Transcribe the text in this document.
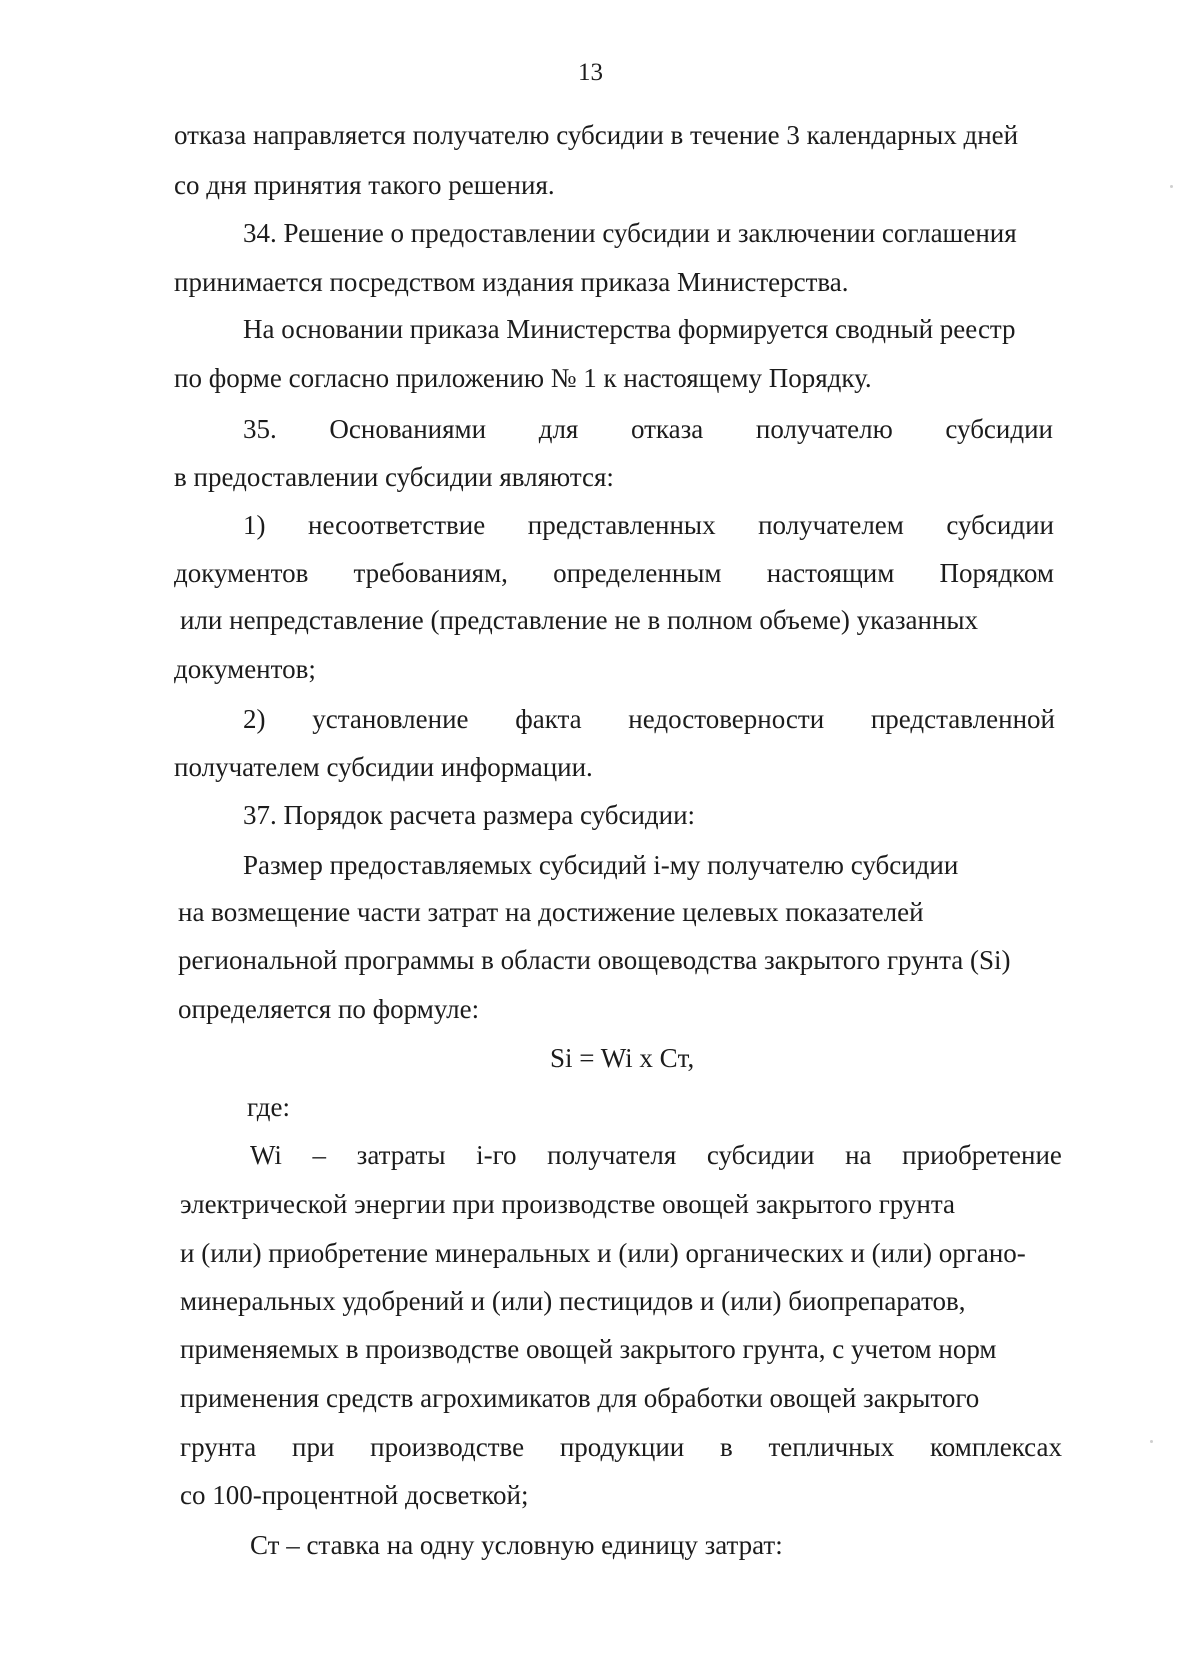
13
отказа направляется получателю субсидии в течение 3 календарных дней
со дня принятия такого решения.
34. Решение о предоставлении субсидии и заключении соглашения
принимается посредством издания приказа Министерства.
На основании приказа Министерства формируется сводный реестр
по форме согласно приложению № 1 к настоящему Порядку.
35. Основаниями для отказа получателю субсидии
в предоставлении субсидии являются:
1) несоответствие представленных получателем субсидии
документов требованиям, определенным настоящим Порядком
или непредставление (представление не в полном объеме) указанных
документов;
2) установление факта недостоверности представленной
получателем субсидии информации.
37. Порядок расчета размера субсидии:
Размер предоставляемых субсидий i-му получателю субсидии
на возмещение части затрат на достижение целевых показателей
региональной программы в области овощеводства закрытого грунта (Si)
определяется по формуле:
Si = Wi x Cт,
где:
Wi – затраты i-го получателя субсидии на приобретение
электрической энергии при производстве овощей закрытого грунта
и (или) приобретение минеральных и (или) органических и (или) органо-
минеральных удобрений и (или) пестицидов и (или) биопрепаратов,
применяемых в производстве овощей закрытого грунта, с учетом норм
применения средств агрохимикатов для обработки овощей закрытого
грунта при производстве продукции в тепличных комплексах
со 100-процентной досветкой;
Ст – ставка на одну условную единицу затрат:
